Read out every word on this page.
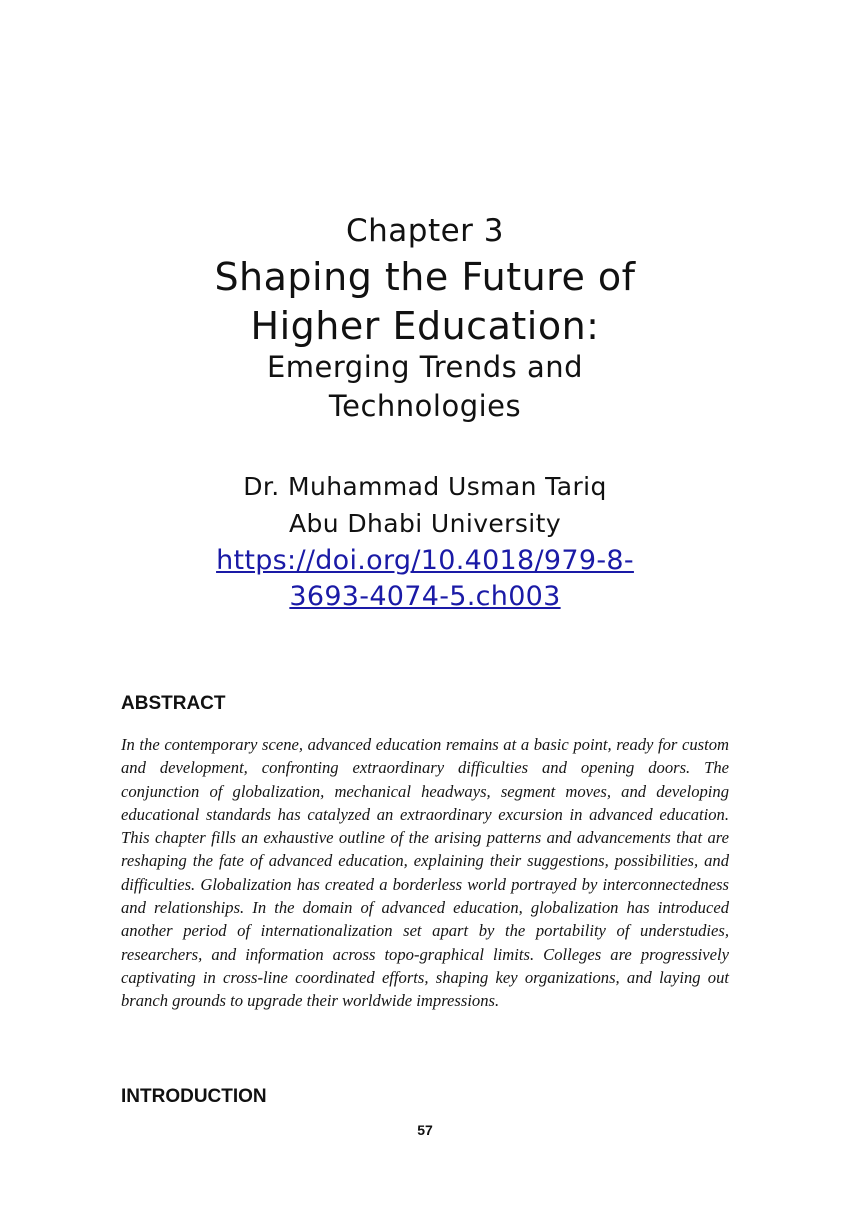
Chapter 3
Shaping the Future of
Higher Education:
Emerging Trends and
Technologies
Dr. Muhammad Usman Tariq
Abu Dhabi University
https://doi.org/10.4018/979-8-
3693-4074-5.ch003
ABSTRACT
In the contemporary scene, advanced education remains at a basic point, ready for custom and development, confronting extraordinary difficulties and opening doors. The conjunction of globalization, mechanical headways, segment moves, and developing educational standards has catalyzed an extraordinary excursion in advanced education. This chapter fills an exhaustive outline of the arising patterns and advancements that are reshaping the fate of advanced education, explaining their suggestions, possibilities, and difficulties. Globalization has created a borderless world portrayed by interconnectedness and relationships. In the domain of advanced education, globalization has introduced another period of internationalization set apart by the portability of understudies, researchers, and information across topo-graphical limits. Colleges are progressively captivating in cross-line coordinated efforts, shaping key organizations, and laying out branch grounds to upgrade their worldwide impressions.
INTRODUCTION
57
